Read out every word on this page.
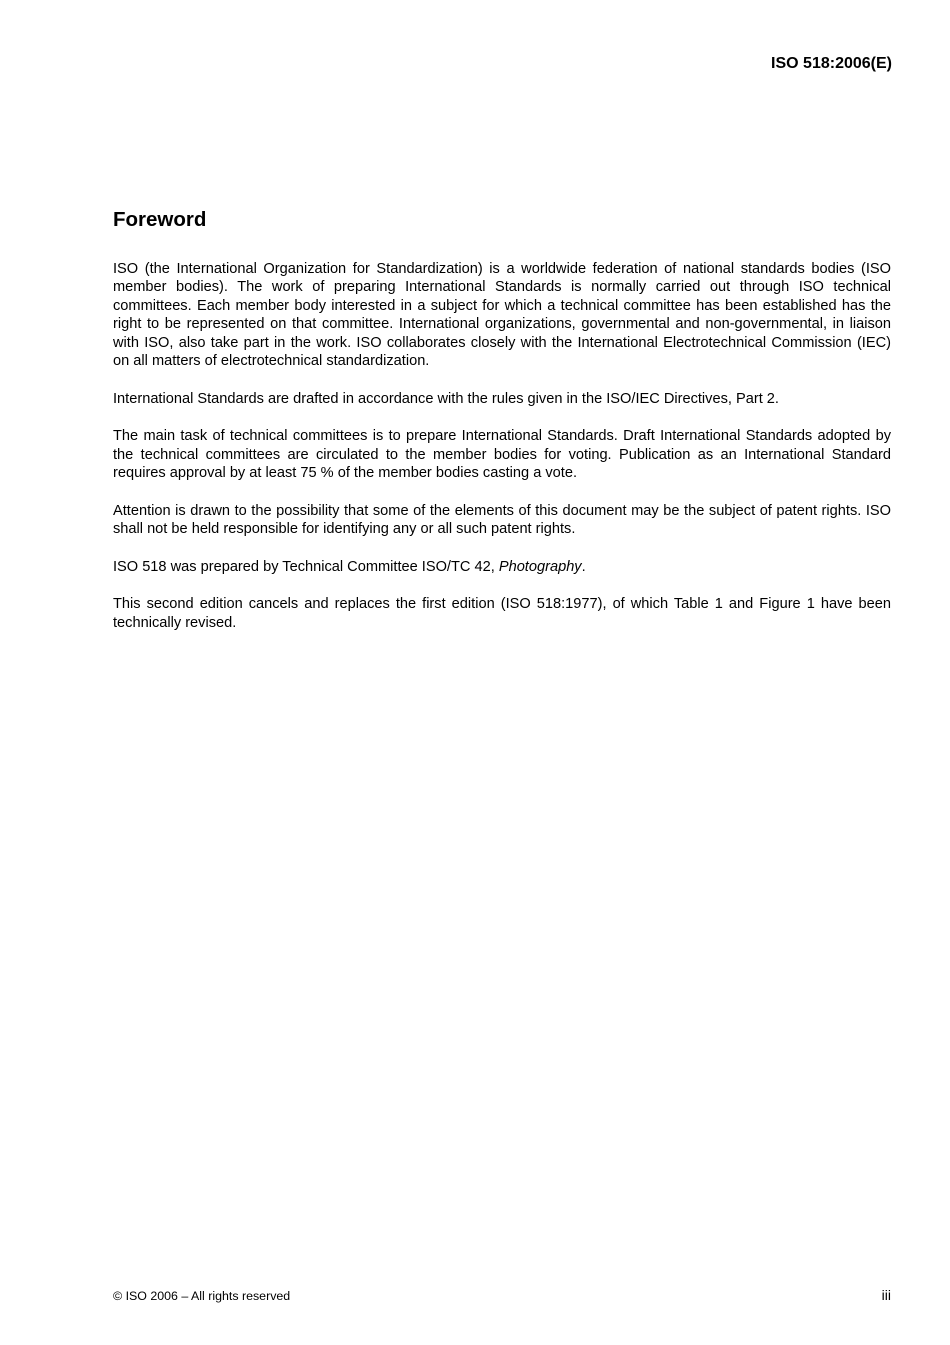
ISO 518:2006(E)

Foreword

ISO (the International Organization for Standardization) is a worldwide federation of national standards bodies (ISO member bodies). The work of preparing International Standards is normally carried out through ISO technical committees. Each member body interested in a subject for which a technical committee has been established has the right to be represented on that committee. International organizations, governmental and non-governmental, in liaison with ISO, also take part in the work. ISO collaborates closely with the International Electrotechnical Commission (IEC) on all matters of electrotechnical standardization.

International Standards are drafted in accordance with the rules given in the ISO/IEC Directives, Part 2.

The main task of technical committees is to prepare International Standards. Draft International Standards adopted by the technical committees are circulated to the member bodies for voting. Publication as an International Standard requires approval by at least 75 % of the member bodies casting a vote.

Attention is drawn to the possibility that some of the elements of this document may be the subject of patent rights. ISO shall not be held responsible for identifying any or all such patent rights.

ISO 518 was prepared by Technical Committee ISO/TC 42, Photography.

This second edition cancels and replaces the first edition (ISO 518:1977), of which Table 1 and Figure 1 have been technically revised.

© ISO 2006 – All rights reserved	iii
